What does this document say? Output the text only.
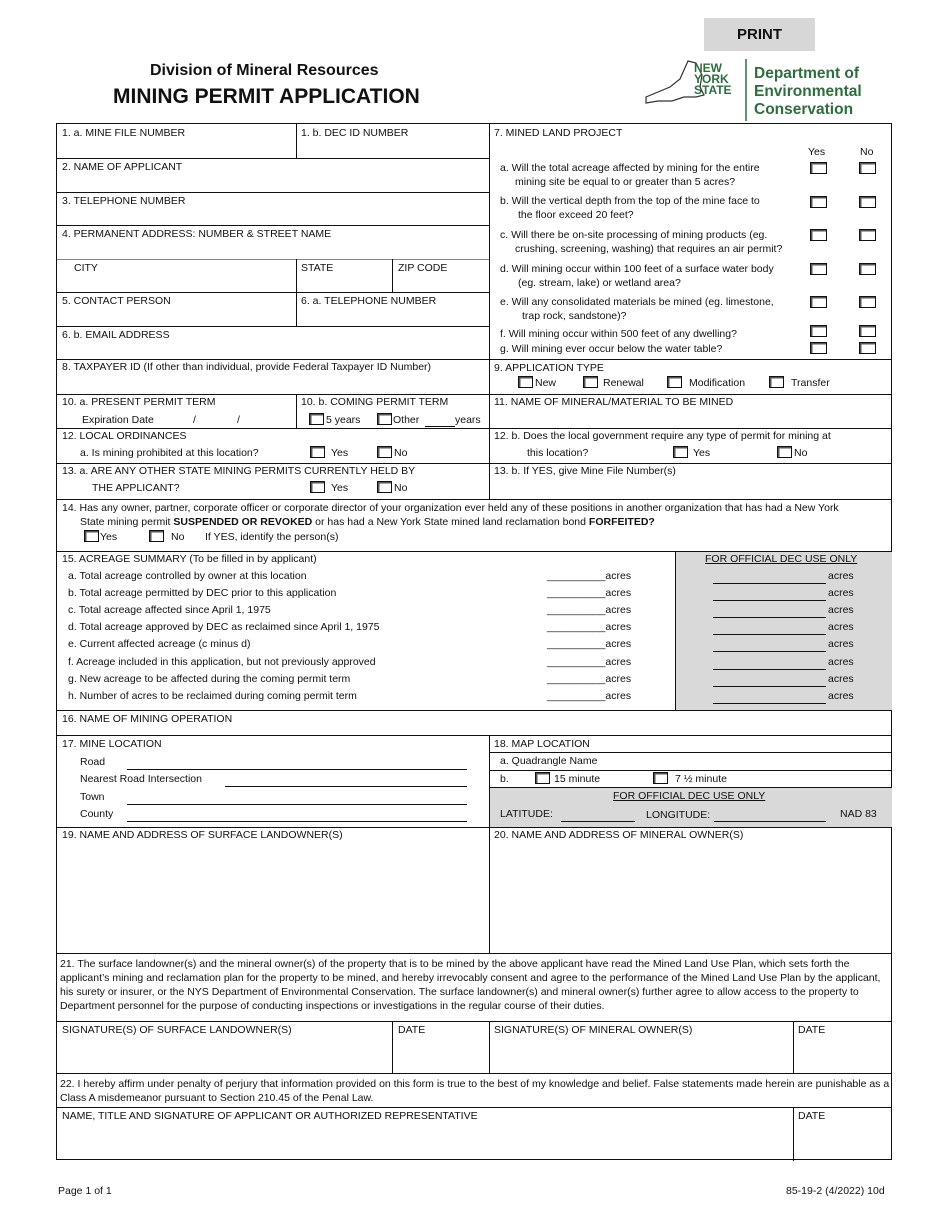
PRINT
Division of Mineral Resources
MINING PERMIT APPLICATION
NEW
YORK
STATE
Department of
Environmental
Conservation
1. a. MINE FILE NUMBER	1. b. DEC ID NUMBER
2. NAME OF APPLICANT
3. TELEPHONE NUMBER
4. PERMANENT ADDRESS: NUMBER & STREET NAME
CITY	STATE	ZIP CODE
5. CONTACT PERSON	6. a. TELEPHONE NUMBER
6. b. EMAIL ADDRESS
8. TAXPAYER ID (If other than individual, provide Federal Taxpayer ID Number)
10. a. PRESENT PERMIT TERM
Expiration Date	/	/
10. b. COMING PERMIT TERM
5 years	Other	years
12. LOCAL ORDINANCES
a. Is mining prohibited at this location?	Yes	No
13. a. ARE ANY OTHER STATE MINING PERMITS CURRENTLY HELD BY
THE APPLICANT?	Yes	No
7. MINED LAND PROJECT
Yes	No
a. Will the total acreage affected by mining for the entire
mining site be equal to or greater than 5 acres?
b. Will the vertical depth from the top of the mine face to
the floor exceed 20 feet?
c. Will there be on-site processing of mining products (eg.
crushing, screening, washing) that requires an air permit?
d. Will mining occur within 100 feet of a surface water body
(eg. stream, lake) or wetland area?
e. Will any consolidated materials be mined (eg. limestone,
trap rock, sandstone)?
f. Will mining occur within 500 feet of any dwelling?
g. Will mining ever occur below the water table?
9. APPLICATION TYPE
New	Renewal	Modification	Transfer
11. NAME OF MINERAL/MATERIAL TO BE MINED
12. b. Does the local government require any type of permit for mining at
this location?	Yes	No
13. b. If YES, give Mine File Number(s)
14. Has any owner, partner, corporate officer or corporate director of your organization ever held any of these positions in another organization that has had a New York
State mining permit SUSPENDED OR REVOKED or has had a New York State mined land reclamation bond FORFEITED?
Yes	No If YES, identify the person(s)
15. ACREAGE SUMMARY (To be filled in by applicant)	FOR OFFICIAL DEC USE ONLY
a. Total acreage controlled by owner at this location	__________acres	acres
b. Total acreage permitted by DEC prior to this application	__________acres	acres
c. Total acreage affected since April 1, 1975	__________acres	acres
d. Total acreage approved by DEC as reclaimed since April 1, 1975	__________acres	acres
e. Current affected acreage (c minus d)	__________acres	acres
f. Acreage included in this application, but not previously approved	__________acres	acres
g. New acreage to be affected during the coming permit term	__________acres	acres
h. Number of acres to be reclaimed during coming permit term	__________acres	acres
16. NAME OF MINING OPERATION
17. MINE LOCATION
Road
Nearest Road Intersection
Town
County
18. MAP LOCATION
a. Quadrangle Name
b.	15 minute	7 ½ minute
FOR OFFICIAL DEC USE ONLY
LATITUDE:	LONGITUDE:	NAD 83
19. NAME AND ADDRESS OF SURFACE LANDOWNER(S)	20. NAME AND ADDRESS OF MINERAL OWNER(S)
21. The surface landowner(s) and the mineral owner(s) of the property that is to be mined by the above applicant have read the Mined Land Use Plan, which sets forth the applicant’s mining and reclamation plan for the property to be mined, and hereby irrevocably consent and agree to the performance of the Mined Land Use Plan by the applicant, his surety or insurer, or the NYS Department of Environmental Conservation. The surface landowner(s) and mineral owner(s) further agree to allow access to the property to Department personnel for the purpose of conducting inspections or investigations in the regular course of their duties.
SIGNATURE(S) OF SURFACE LANDOWNER(S)	DATE	SIGNATURE(S) OF MINERAL OWNER(S)	DATE
22. I hereby affirm under penalty of perjury that information provided on this form is true to the best of my knowledge and belief. False statements made herein are punishable as a Class A misdemeanor pursuant to Section 210.45 of the Penal Law.
NAME, TITLE AND SIGNATURE OF APPLICANT OR AUTHORIZED REPRESENTATIVE	DATE
Page 1 of 1	85-19-2 (4/2022) 10d
